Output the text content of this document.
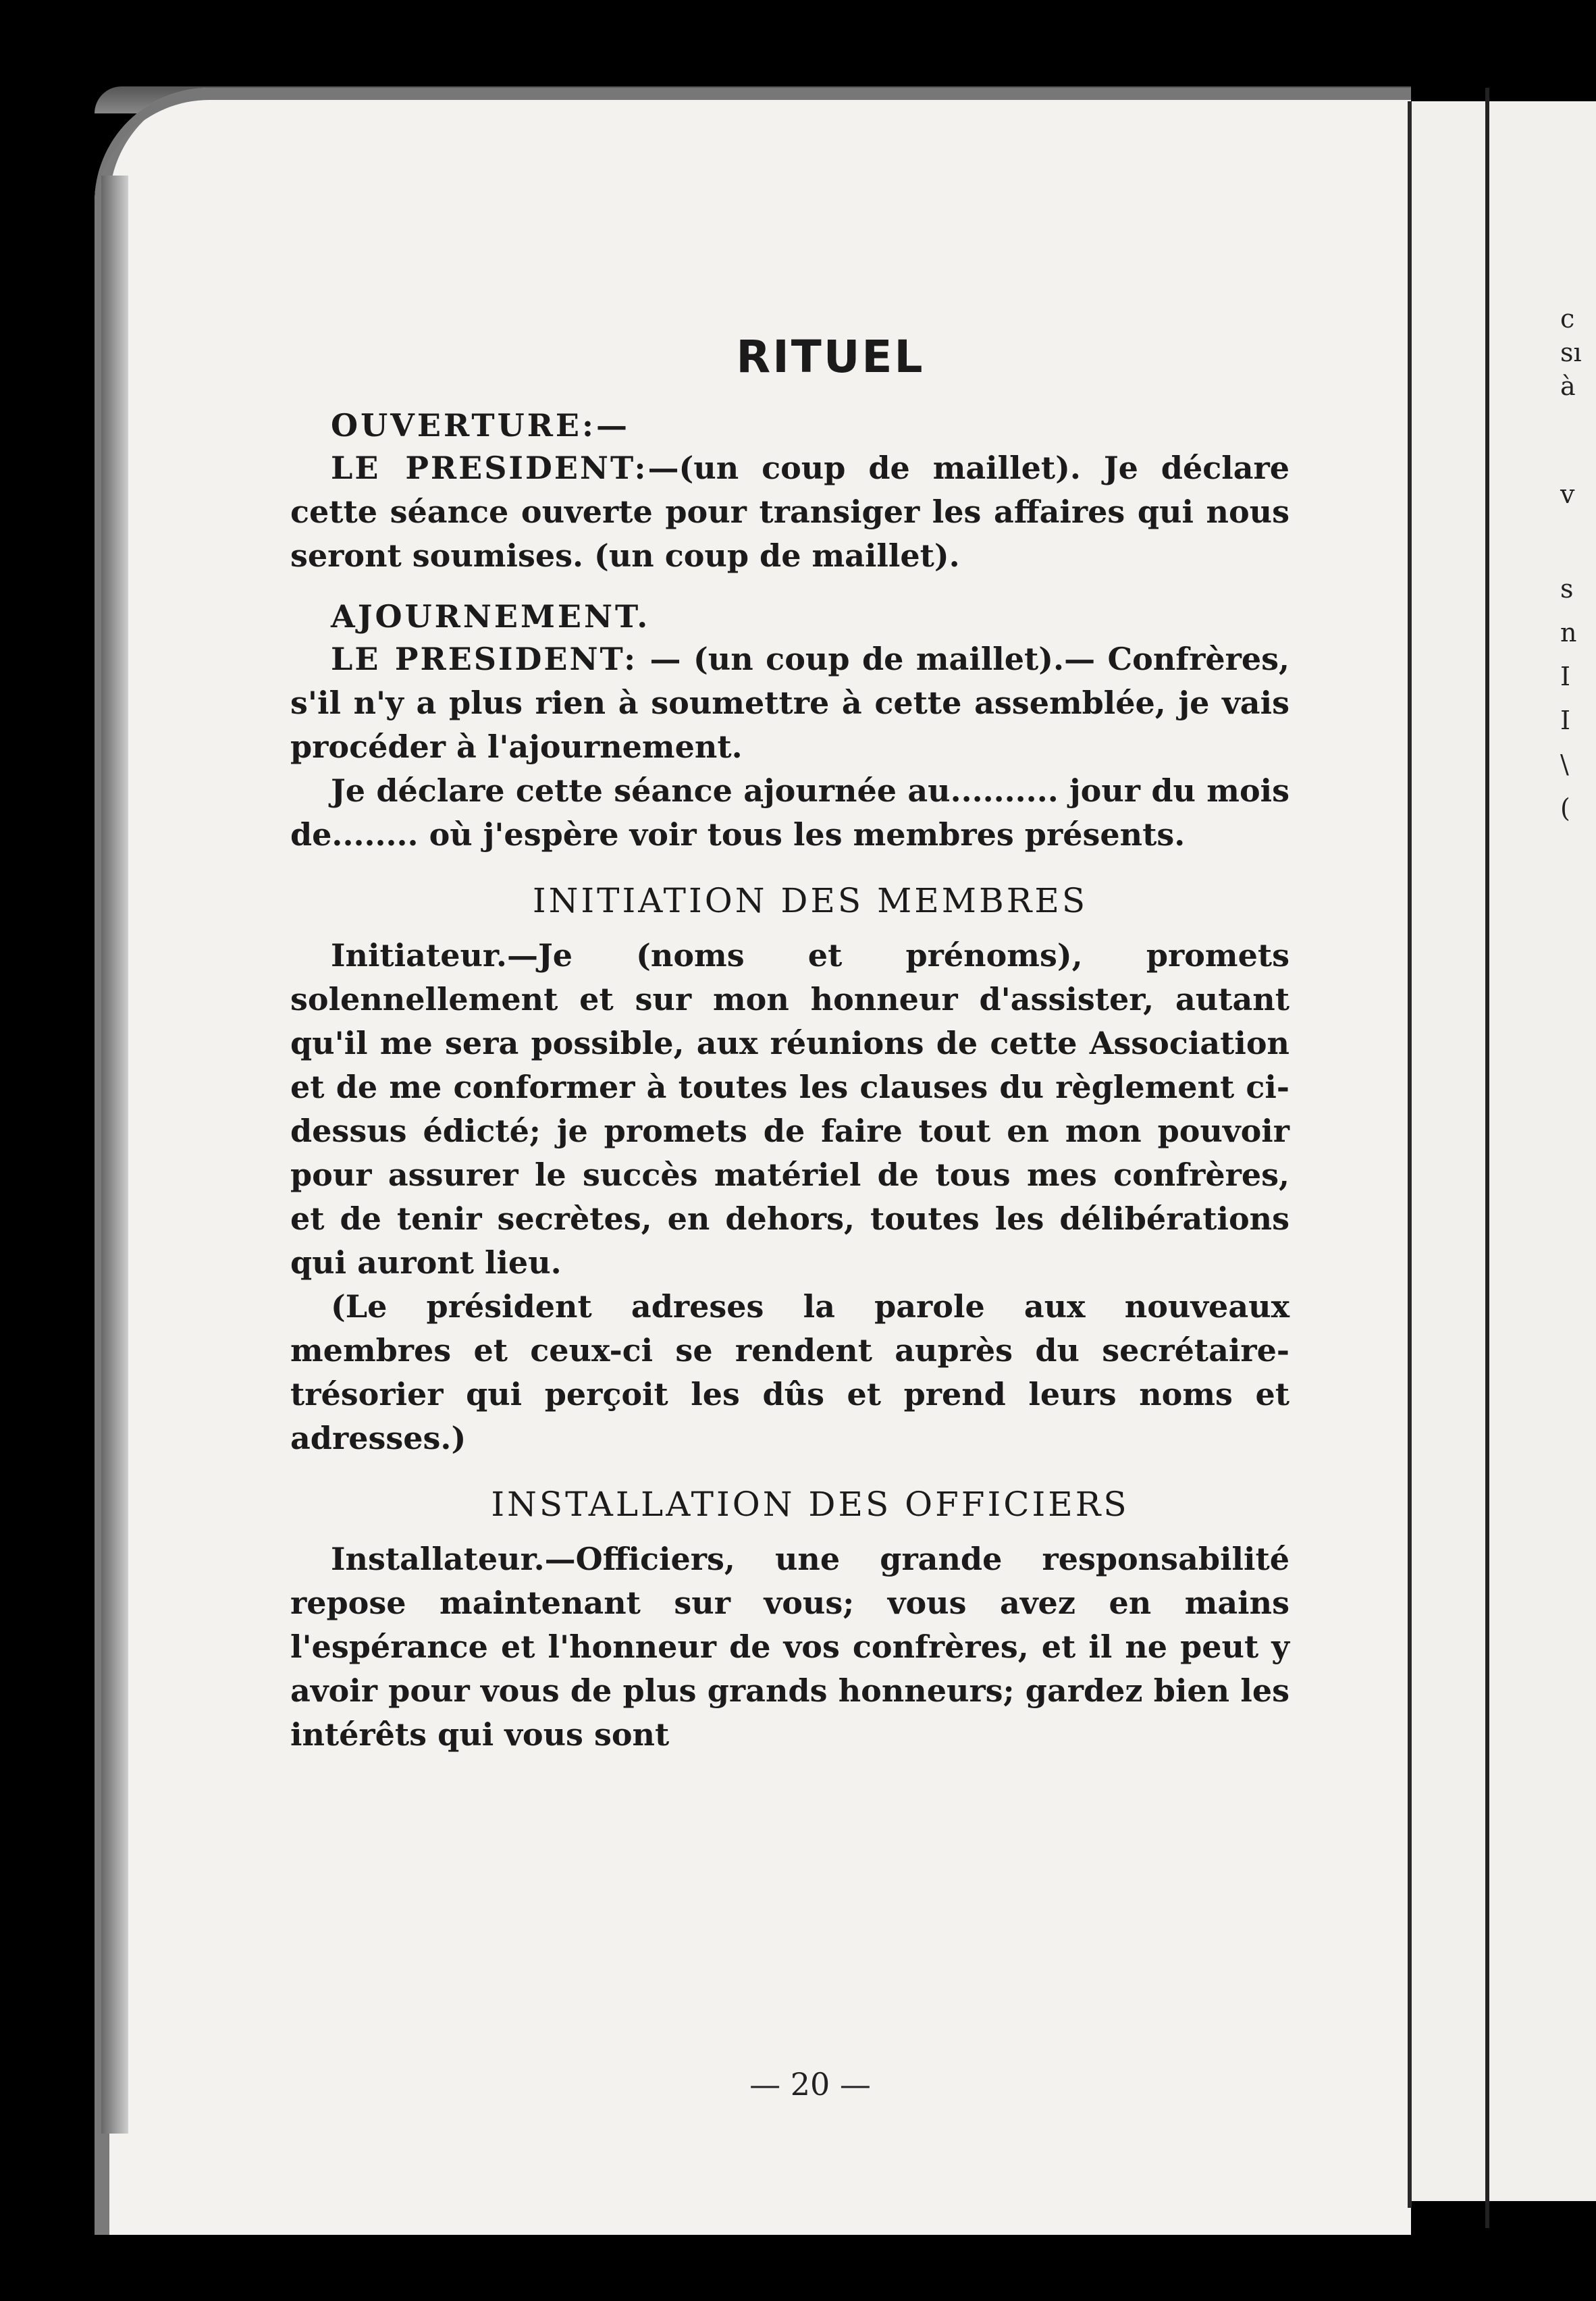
c
sı
à
v
s
n
I
I
\
(
RITUEL
OUVERTURE:—

LE PRESIDENT:—(un coup de maillet). Je déclare cette séance ouverte pour transiger les affaires qui nous seront soumises. (un coup de maillet).

AJOURNEMENT.

LE PRESIDENT: — (un coup de maillet).— Confrères, s'il n'y a plus rien à soumettre à cette assemblée, je vais procéder à l'ajournement.

Je déclare cette séance ajournée au.......... jour du mois de........ où j'espère voir tous les membres présents.

INITIATION DES MEMBRES

Initiateur.—Je (noms et prénoms), promets solennellement et sur mon honneur d'assister, autant qu'il me sera possible, aux réunions de cette Association et de me conformer à toutes les clauses du règlement ci-dessus édicté; je promets de faire tout en mon pouvoir pour assurer le succès matériel de tous mes confrères, et de tenir secrètes, en dehors, toutes les délibérations qui auront lieu.

(Le président adreses la parole aux nouveaux membres et ceux-ci se rendent auprès du secrétaire-trésorier qui perçoit les dûs et prend leurs noms et adresses.)

INSTALLATION DES OFFICIERS

Installateur.—Officiers, une grande responsabilité repose maintenant sur vous; vous avez en mains l'espérance et l'honneur de vos confrères, et il ne peut y avoir pour vous de plus grands honneurs; gardez bien les intérêts qui vous sont

— 20 —
